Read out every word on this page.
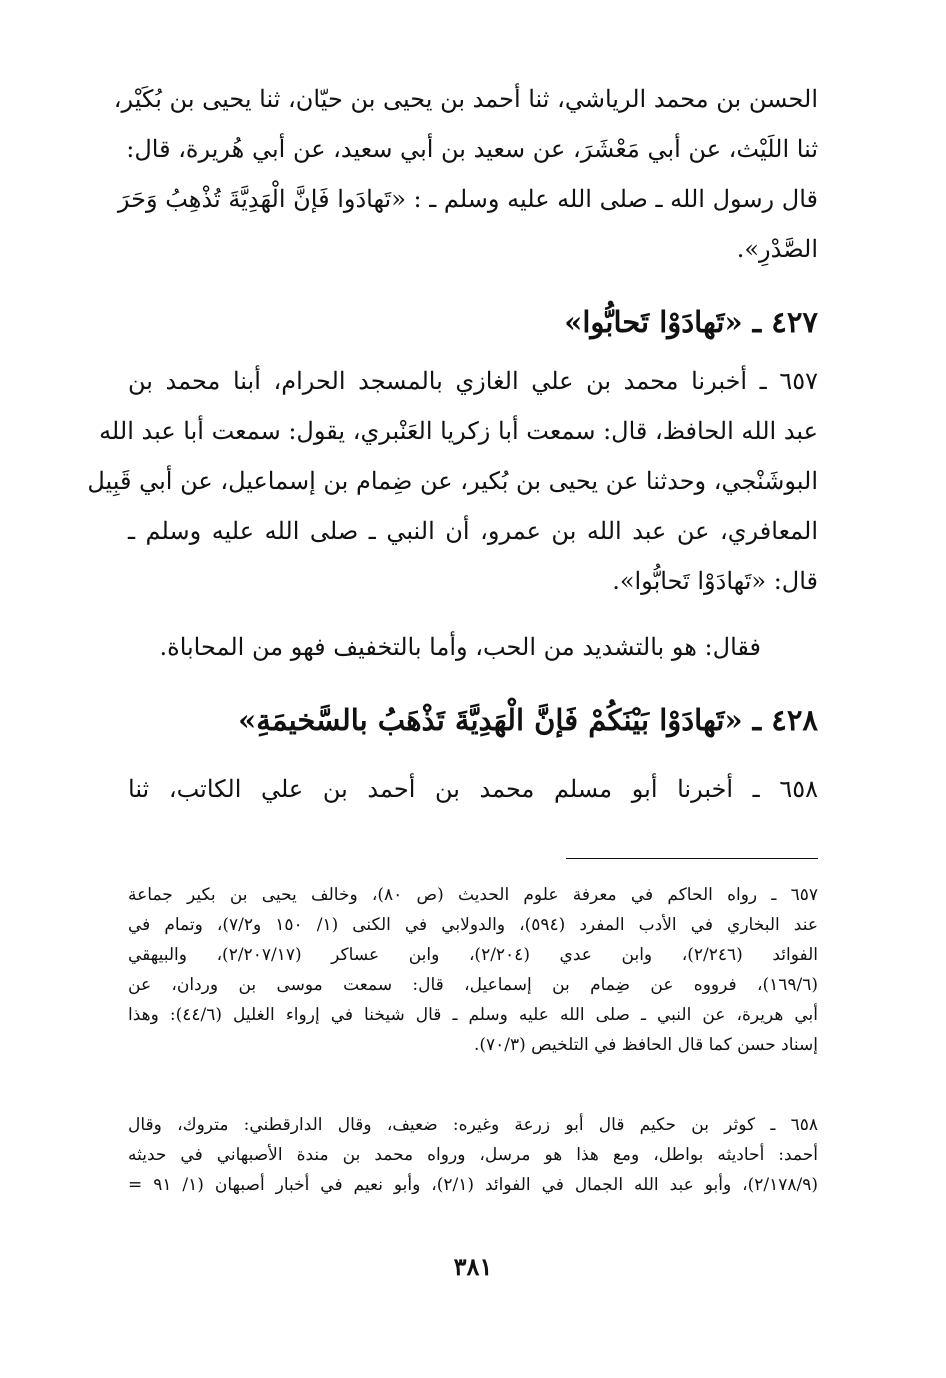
الحسن بن محمد الرياشي، ثنا أحمد بن يحيى بن حيّان، ثنا يحيى بن بُكَيْر،
ثنا اللَيْث، عن أبي مَعْشَرَ، عن سعيد بن أبي سعيد، عن أبي هُريرة، قال:
قال رسول الله ـ صلى الله عليه وسلم ـ : «تَهادَوا فَإنَّ الْهَدِيَّةَ تُذْهِبُ وَحَرَ
الصَّدْرِ».
٤٢٧ ـ «تَهادَوْا تَحابُّوا»
٦٥٧ ـ أخبرنا محمد بن علي الغازي بالمسجد الحرام، أبنا محمد بن
عبد الله الحافظ، قال: سمعت أبا زكريا العَنْبري، يقول: سمعت أبا عبد الله
البوشَنْجي، وحدثنا عن يحيى بن بُكير، عن ضِمام بن إسماعيل، عن أبي قَبِيل
المعافري، عن عبد الله بن عمرو، أن النبي ـ صلى الله عليه وسلم ـ
قال: «تَهادَوْا تَحابُّوا».
فقال: هو بالتشديد من الحب، وأما بالتخفيف فهو من المحاباة.
٤٢٨ ـ «تَهادَوْا بَيْنَكُمْ فَإنَّ الْهَدِيَّةَ تَذْهَبُ بالسَّخيمَةِ»
٦٥٨ ـ أخبرنا أبو مسلم محمد بن أحمد بن علي الكاتب، ثنا
٦٥٧ ـ رواه الحاكم في معرفة علوم الحديث (ص ٨٠)، وخالف يحيى بن بكير جماعة
عند البخاري في الأدب المفرد (٥٩٤)، والدولابي في الكنى (١/ ١٥٠ و٧/٢)، وتمام في
الفوائد (٢/٢٤٦)، وابن عدي (٢/٢٠٤)، وابن عساكر (٢/٢٠٧/١٧)، والبيهقي
(١٦٩/٦)، فرووه عن ضِمام بن إسماعيل، قال: سمعت موسى بن وردان، عن
أبي هريرة، عن النبي ـ صلى الله عليه وسلم ـ قال شيخنا في إرواء الغليل (٤٤/٦): وهذا
إسناد حسن كما قال الحافظ في التلخيص (٧٠/٣).
٦٥٨ ـ كوثر بن حكيم قال أبو زرعة وغيره: ضعيف، وقال الدارقطني: متروك، وقال
أحمد: أحاديثه بواطل، ومع هذا هو مرسل، ورواه محمد بن مندة الأصبهاني في حديثه
(٢/١٧٨/٩)، وأبو عبد الله الجمال في الفوائد (٢/١)، وأبو نعيم في أخبار أصبهان (١/ ٩١ =
٣٨١
